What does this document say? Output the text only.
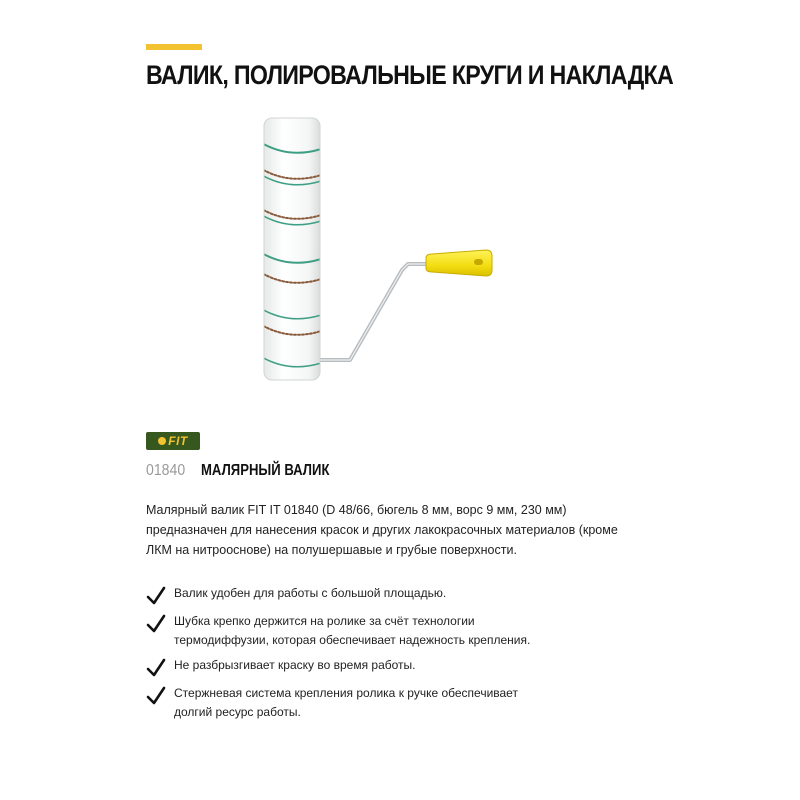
ВАЛИК, ПОЛИРОВАЛЬНЫЕ КРУГИ И НАКЛАДКА
FIT
01840 МАЛЯРНЫЙ ВАЛИК
Малярный валик FIT IT 01840 (D 48/66, бюгель 8 мм, ворс 9 мм, 230 мм) предназначен для нанесения красок и других лакокрасочных материалов (кроме ЛКМ на нитрооснове) на полушершавые и грубые поверхности.
Валик удобен для работы с большой площадью.
Шубка крепко держится на ролике за счёт технологии термодиффузии, которая обеспечивает надежность крепления.
Не разбрызгивает краску во время работы.
Стержневая система крепления ролика к ручке обеспечивает долгий ресурс работы.
